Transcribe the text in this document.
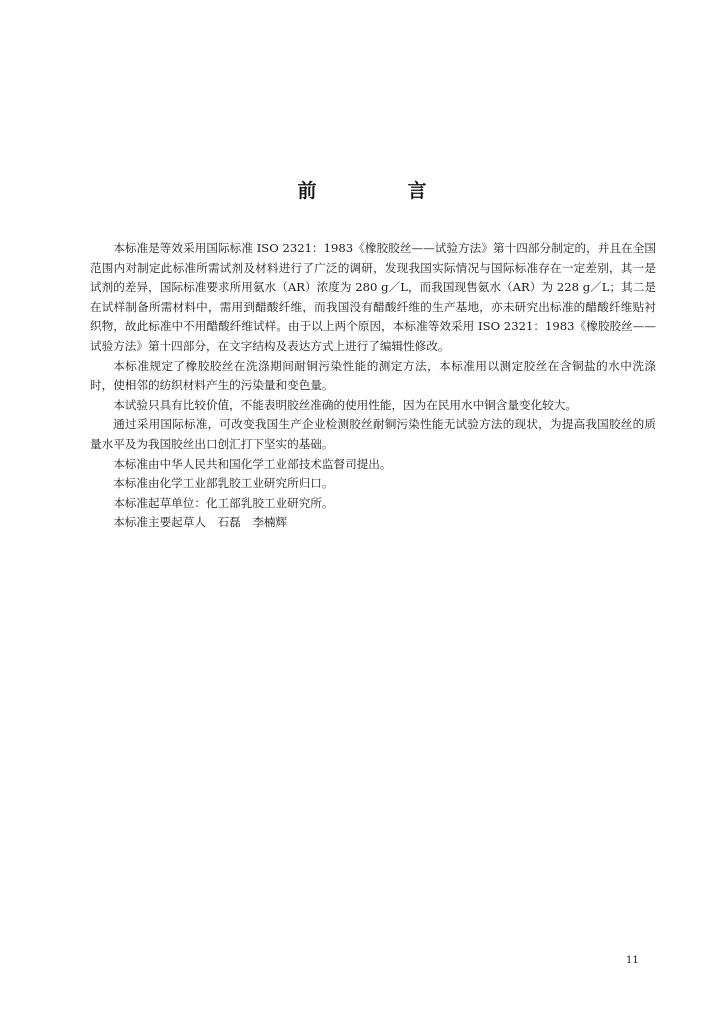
前　言

本标准是等效采用国际标准 ISO 2321：1983《橡胶胶丝——试验方法》第十四部分制定的，并且在全国范围内对制定此标准所需试剂及材料进行了广泛的调研，发现我国实际情况与国际标准存在一定差别，其一是试剂的差异，国际标准要求所用氨水（AR）浓度为 280 g／L，而我国现售氨水（AR）为 228 g／L；其二是在试样制备所需材料中，需用到醋酸纤维，而我国没有醋酸纤维的生产基地，亦未研究出标准的醋酸纤维贴衬织物，故此标准中不用醋酸纤维试样。由于以上两个原因，本标准等效采用 ISO 2321：1983《橡胶胶丝——试验方法》第十四部分，在文字结构及表达方式上进行了编辑性修改。

本标准规定了橡胶胶丝在洗涤期间耐铜污染性能的测定方法，本标准用以测定胶丝在含铜盐的水中洗涤时，使相邻的纺织材料产生的污染量和变色量。

本试验只具有比较价值，不能表明胶丝准确的使用性能，因为在民用水中铜含量变化较大。

通过采用国际标准，可改变我国生产企业检测胶丝耐铜污染性能无试验方法的现状，为提高我国胶丝的质量水平及为我国胶丝出口创汇打下坚实的基础。

本标准由中华人民共和国化学工业部技术监督司提出。

本标准由化学工业部乳胶工业研究所归口。

本标准起草单位：化工部乳胶工业研究所。

本标准主要起草人　石磊　李楠辉

11
